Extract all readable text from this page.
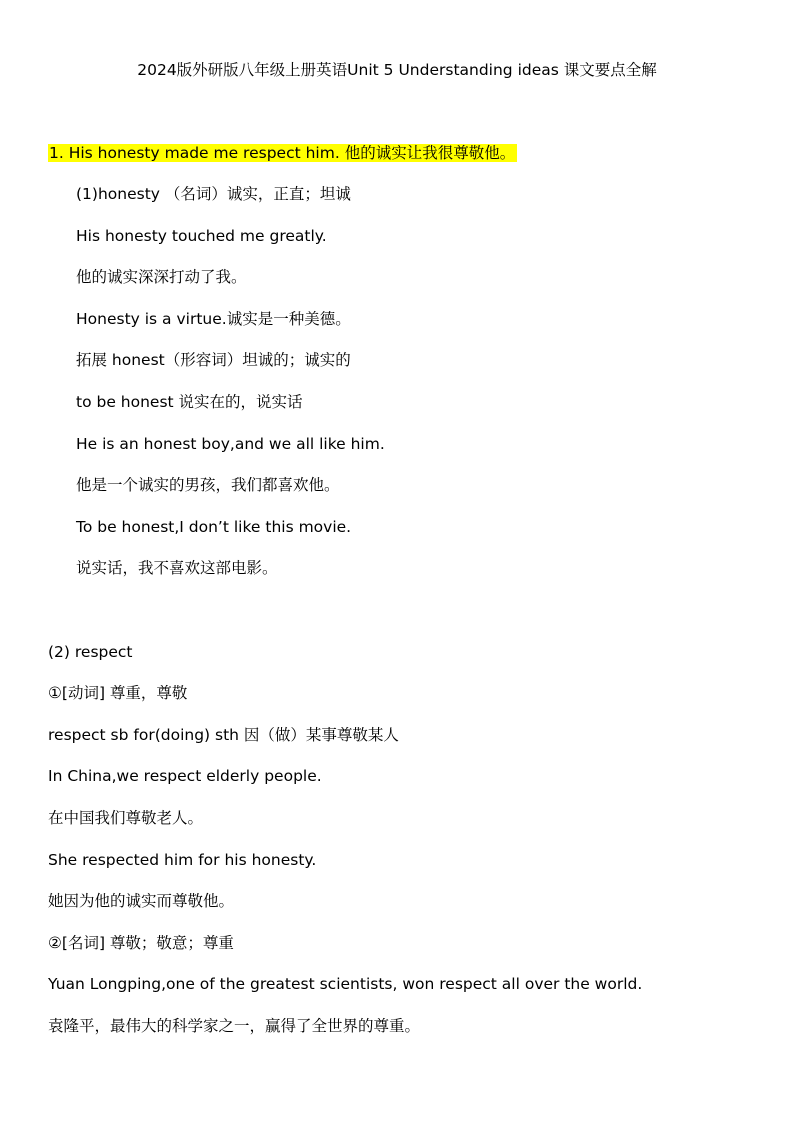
2024版外研版八年级上册英语Unit 5 Understanding ideas 课文要点全解
1. His honesty made me respect him. 他的诚实让我很尊敬他。
(1)honesty （名词）诚实，正直；坦诚
His honesty touched me greatly.
他的诚实深深打动了我。
Honesty is a virtue.诚实是一种美德。
拓展 honest（形容词）坦诚的；诚实的
to be honest 说实在的，说实话
He is an honest boy,and we all like him.
他是一个诚实的男孩，我们都喜欢他。
To be honest,I don’t like this movie.
说实话，我不喜欢这部电影。
(2) respect
①[动词] 尊重，尊敬
respect sb for(doing) sth 因（做）某事尊敬某人
In China,we respect elderly people.
在中国我们尊敬老人。
She respected him for his honesty.
她因为他的诚实而尊敬他。
②[名词] 尊敬；敬意；尊重
Yuan Longping,one of the greatest scientists, won respect all over the world.
袁隆平，最伟大的科学家之一，赢得了全世界的尊重。
